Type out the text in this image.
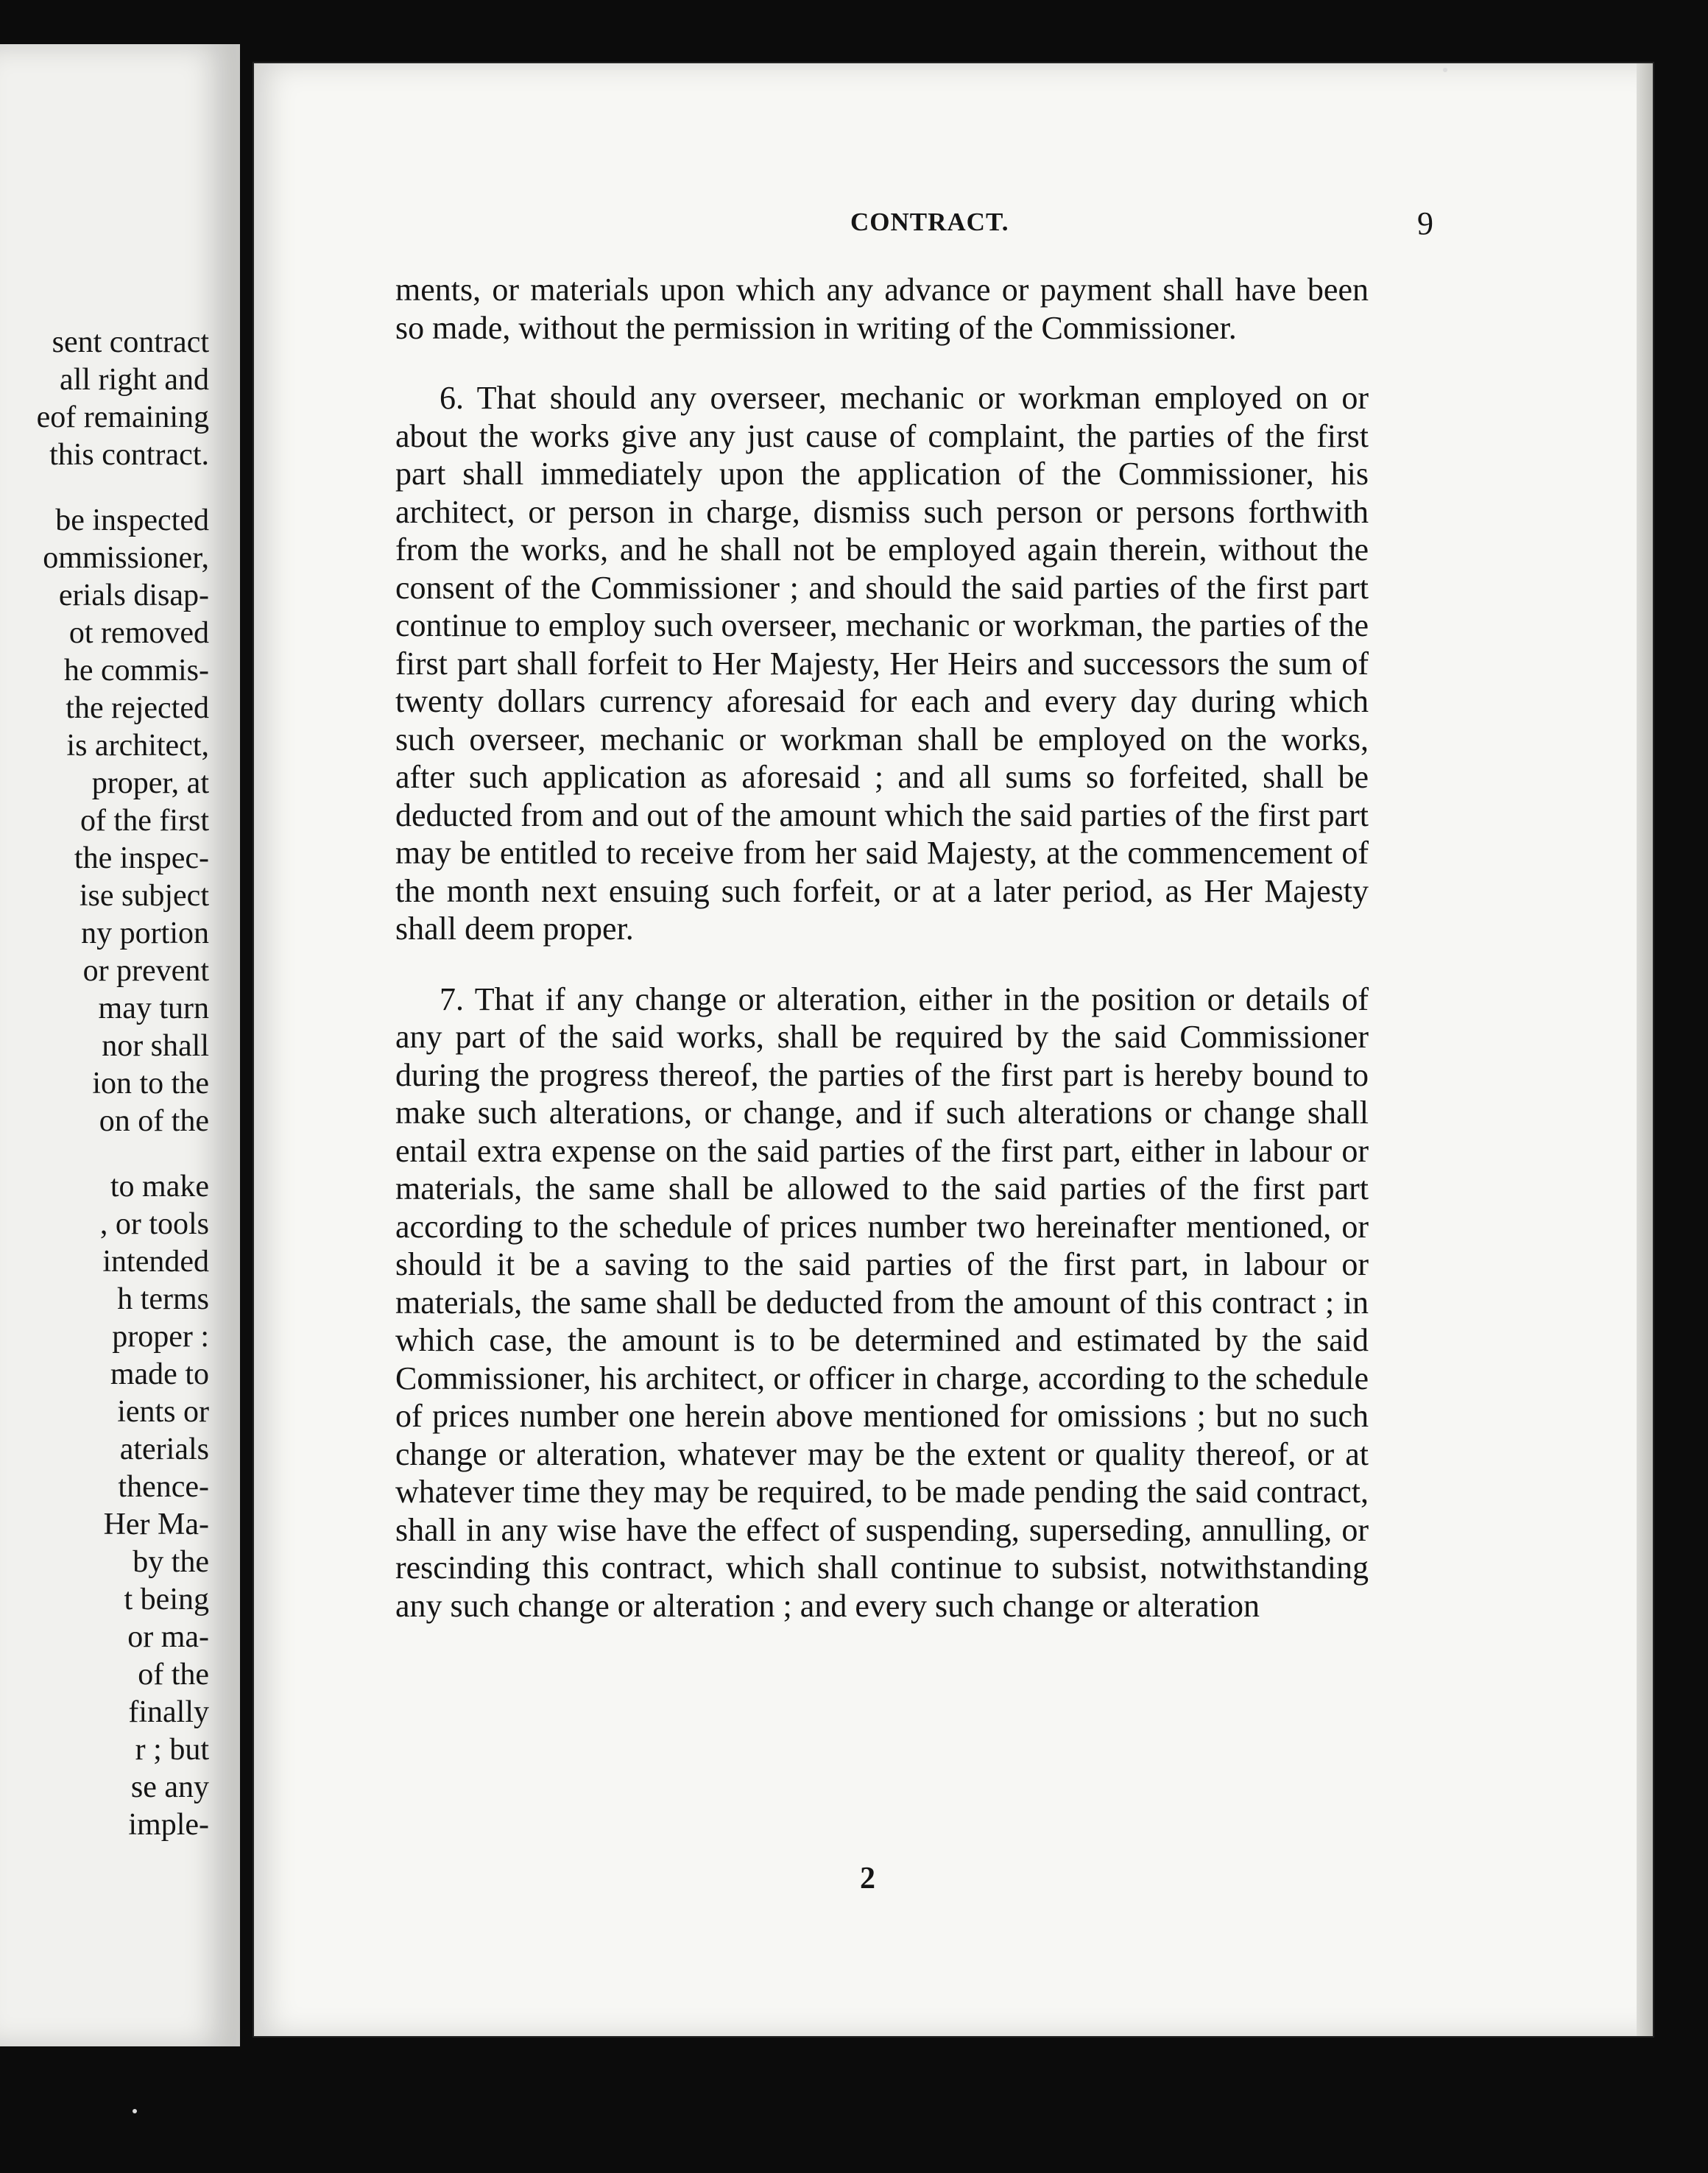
sent contract
all right and
eof remaining
this contract.
be inspected
ommissioner,
erials disap-
ot removed
he commis-
the rejected
is architect,
proper, at
of the first
the inspec-
ise subject
ny portion
or prevent
may turn
nor shall
ion to the
on of the
to make
, or tools
intended
h terms
proper :
made to
ients or
aterials
thence-
Her Ma-
by the
t being
or ma-
of the
finally
r ; but
se any
imple-
CONTRACT.	9

ments, or materials upon which any advance or payment shall have been so made, without the permission in writing of the Commissioner.

6. That should any overseer, mechanic or workman employed on or about the works give any just cause of complaint, the parties of the first part shall immediately upon the application of the Commissioner, his architect, or person in charge, dismiss such person or persons forthwith from the works, and he shall not be employed again therein, without the consent of the Commissioner ; and should the said parties of the first part continue to employ such overseer, mechanic or workman, the parties of the first part shall forfeit to Her Majesty, Her Heirs and successors the sum of twenty dollars currency aforesaid for each and every day during which such overseer, mechanic or workman shall be employed on the works, after such application as aforesaid ; and all sums so forfeited, shall be deducted from and out of the amount which the said parties of the first part may be entitled to receive from her said Majesty, at the commencement of the month next ensuing such forfeit, or at a later period, as Her Majesty shall deem proper.

7. That if any change or alteration, either in the position or details of any part of the said works, shall be required by the said Commissioner during the progress thereof, the parties of the first part is hereby bound to make such alterations, or change, and if such alterations or change shall entail extra expense on the said parties of the first part, either in labour or materials, the same shall be allowed to the said parties of the first part according to the schedule of prices number two hereinafter mentioned, or should it be a saving to the said parties of the first part, in labour or materials, the same shall be deducted from the amount of this contract ; in which case, the amount is to be determined and estimated by the said Commissioner, his architect, or officer in charge, according to the schedule of prices number one herein above mentioned for omissions ; but no such change or alteration, whatever may be the extent or quality thereof, or at whatever time they may be required, to be made pending the said contract, shall in any wise have the effect of suspending, superseding, annulling, or rescinding this contract, which shall continue to subsist, notwithstanding any such change or alteration ; and every such change or alteration

2
